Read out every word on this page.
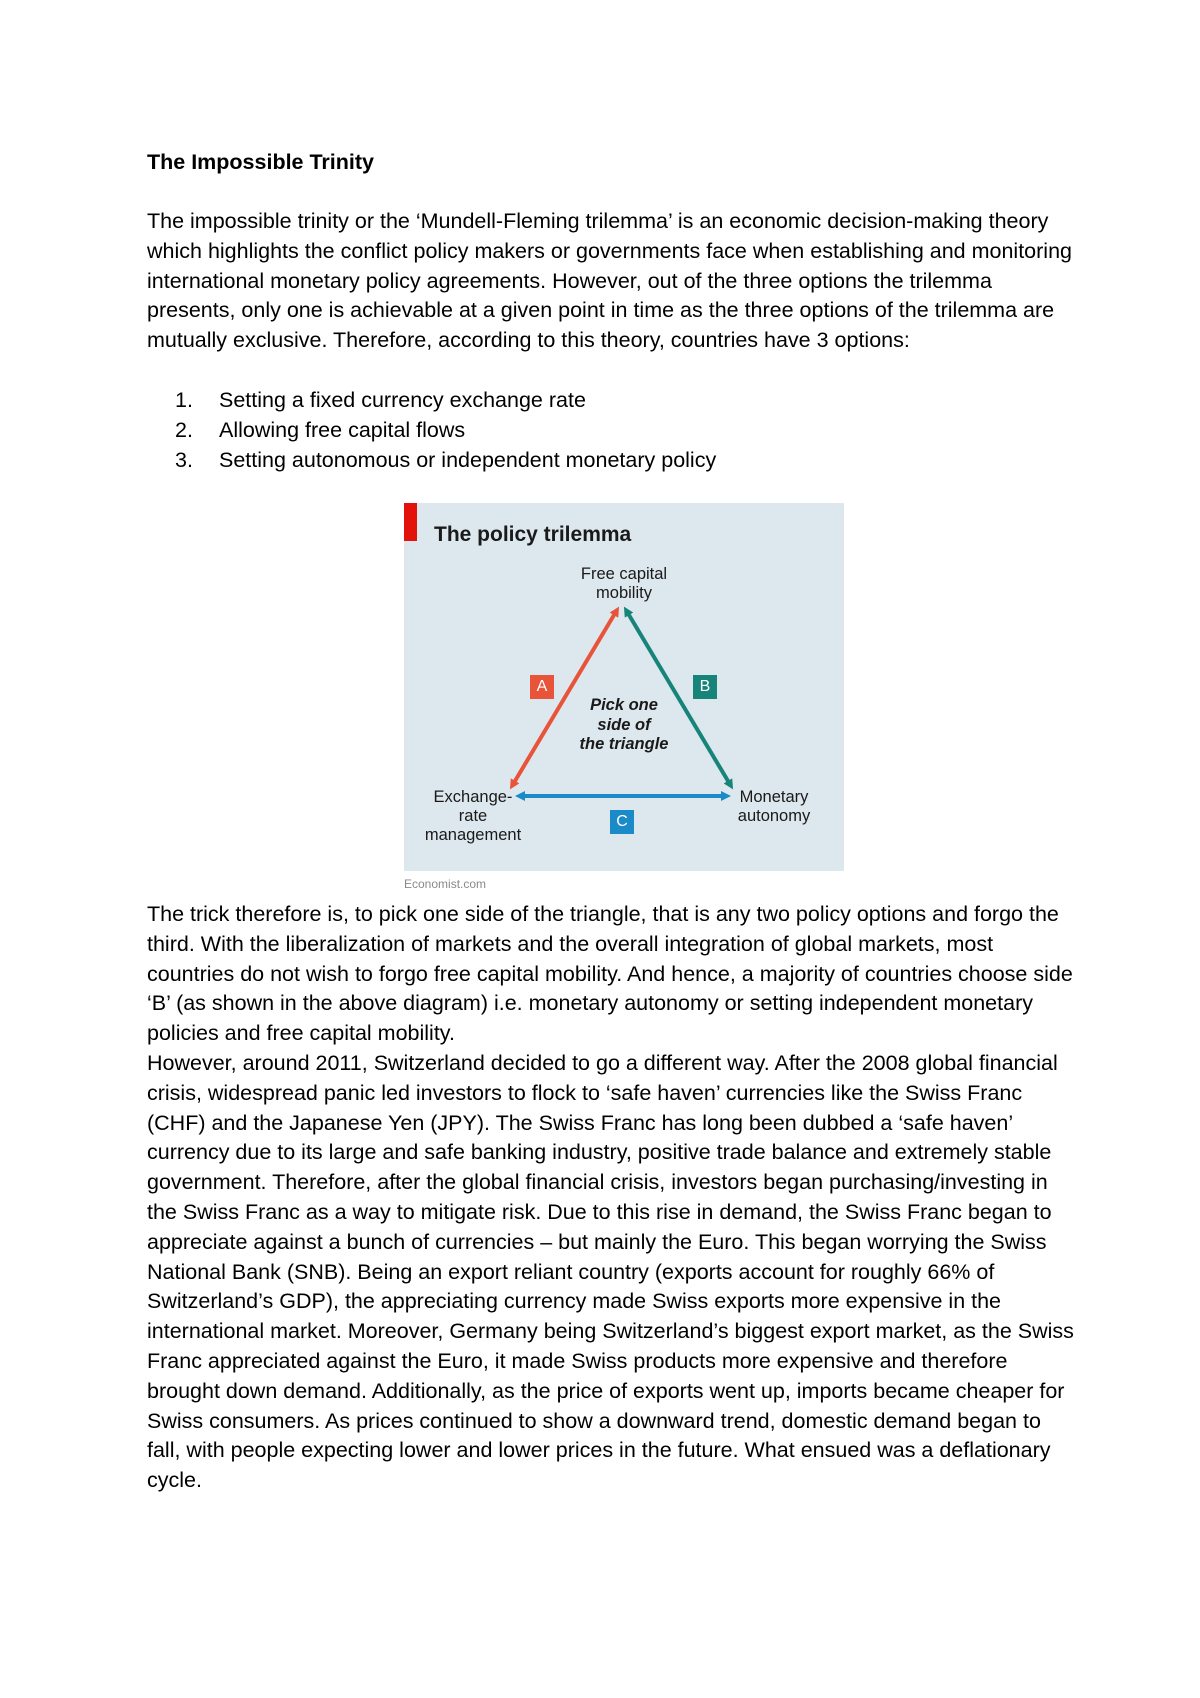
The Impossible Trinity
The impossible trinity or the ‘Mundell-Fleming trilemma’ is an economic decision-making theory which highlights the conflict policy makers or governments face when establishing and monitoring international monetary policy agreements. However, out of the three options the trilemma presents, only one is achievable at a given point in time as the three options of the trilemma are mutually exclusive. Therefore, according to this theory, countries have 3 options:
1.	Setting a fixed currency exchange rate
2.	Allowing free capital flows
3.	Setting autonomous or independent monetary policy
The policy trilemma
Free capital
mobility
Exchange-
rate
management
Monetary
autonomy
Pick one
side of
the triangle
A	B
C
Economist.com

The trick therefore is, to pick one side of the triangle, that is any two policy options and forgo the third. With the liberalization of markets and the overall integration of global markets, most countries do not wish to forgo free capital mobility. And hence, a majority of countries choose side ‘B’ (as shown in the above diagram) i.e. monetary autonomy or setting independent monetary policies and free capital mobility.

However, around 2011, Switzerland decided to go a different way. After the 2008 global financial crisis, widespread panic led investors to flock to ‘safe haven’ currencies like the Swiss Franc (CHF) and the Japanese Yen (JPY). The Swiss Franc has long been dubbed a ‘safe haven’ currency due to its large and safe banking industry, positive trade balance and extremely stable government. Therefore, after the global financial crisis, investors began purchasing/investing in the Swiss Franc as a way to mitigate risk. Due to this rise in demand, the Swiss Franc began to appreciate against a bunch of currencies – but mainly the Euro. This began worrying the Swiss National Bank (SNB). Being an export reliant country (exports account for roughly 66% of Switzerland’s GDP), the appreciating currency made Swiss exports more expensive in the international market. Moreover, Germany being Switzerland’s biggest export market, as the Swiss Franc appreciated against the Euro, it made Swiss products more expensive and therefore brought down demand. Additionally, as the price of exports went up, imports became cheaper for Swiss consumers. As prices continued to show a downward trend, domestic demand began to fall, with people expecting lower and lower prices in the future. What ensued was a deflationary cycle.
